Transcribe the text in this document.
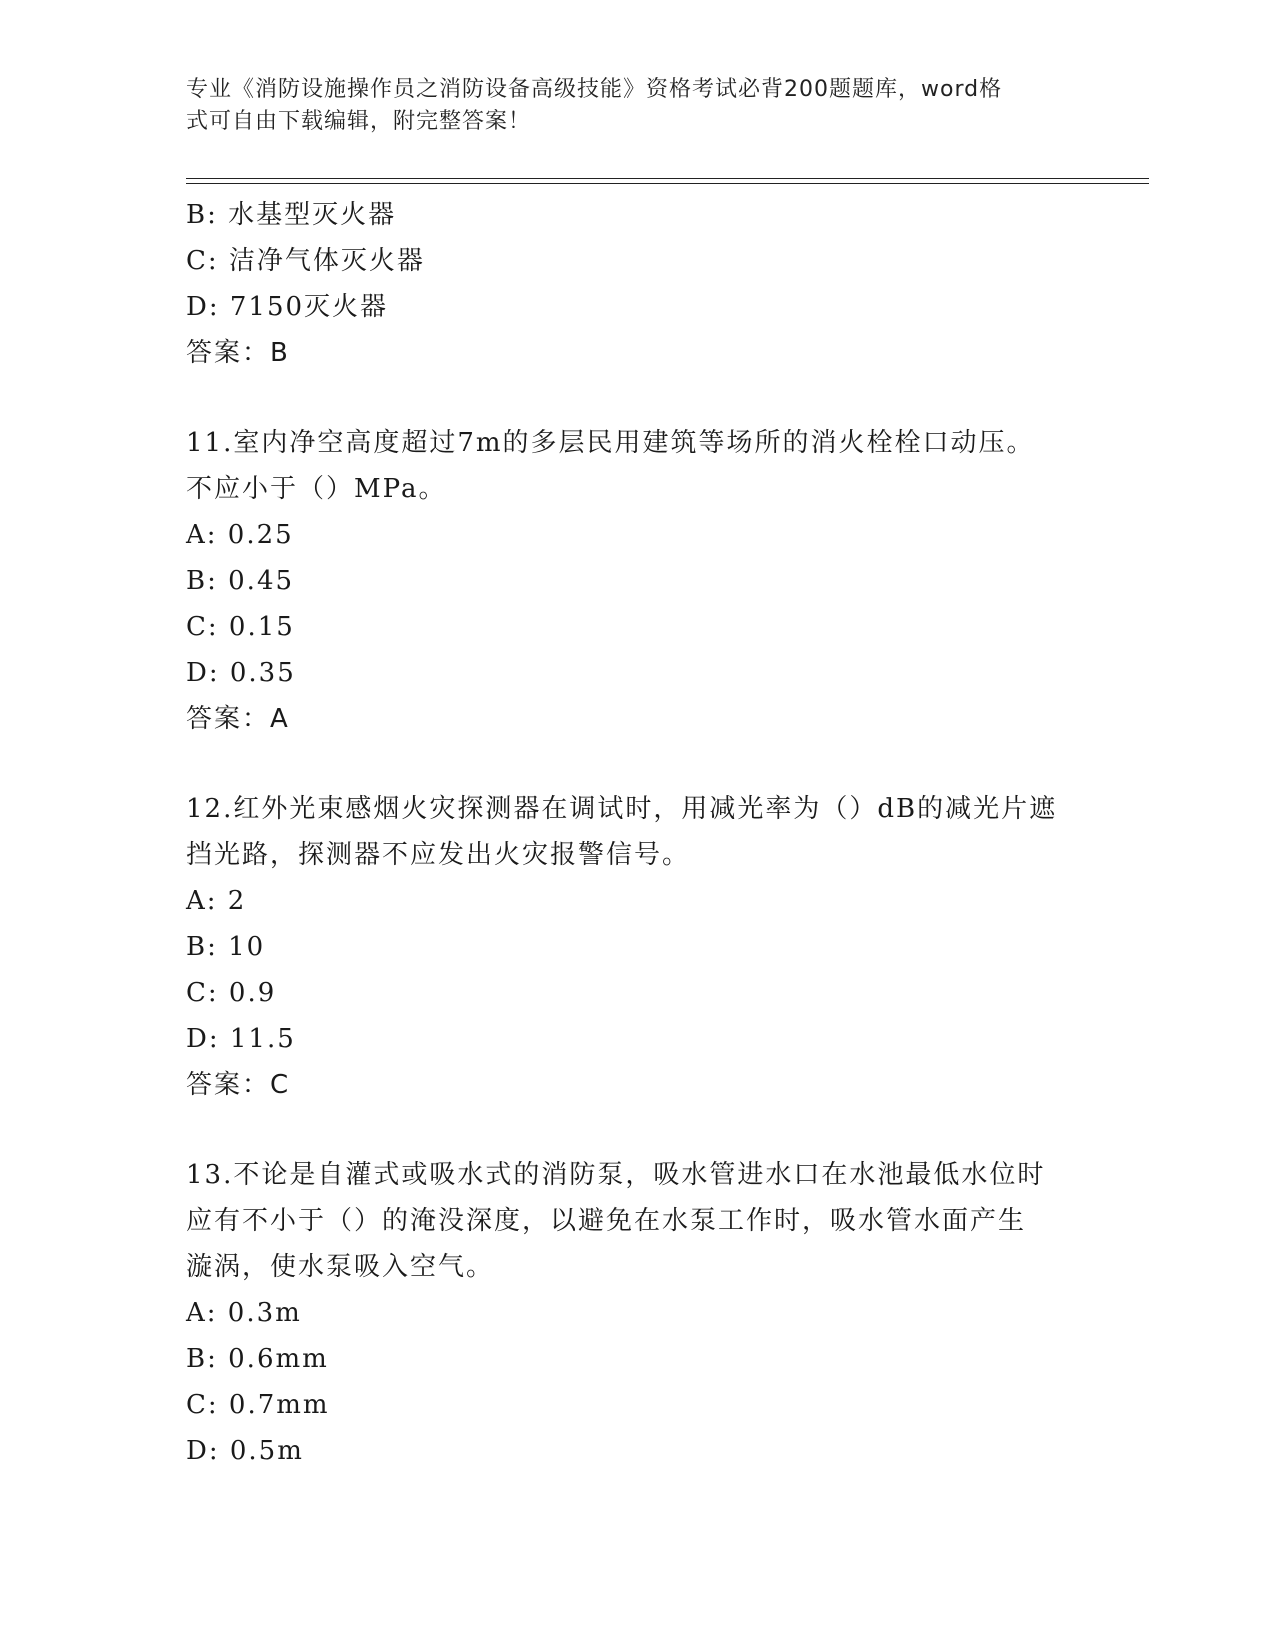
专业《消防设施操作员之消防设备高级技能》资格考试必背200题题库，word格
式可自由下载编辑，附完整答案！
B: 水基型灭火器
C: 洁净气体灭火器
D: 7150灭火器
答案：B
11.室内净空高度超过7m的多层民用建筑等场所的消火栓栓口动压。
不应小于（）MPa。
A: 0.25
B: 0.45
C: 0.15
D: 0.35
答案：A
12.红外光束感烟火灾探测器在调试时，用减光率为（）dB的减光片遮
挡光路，探测器不应发出火灾报警信号。
A: 2
B: 10
C: 0.9
D: 11.5
答案：C
13.不论是自灌式或吸水式的消防泵，吸水管进水口在水池最低水位时
应有不小于（）的淹没深度，以避免在水泵工作时，吸水管水面产生
漩涡，使水泵吸入空气。
A: 0.3m
B: 0.6mm
C: 0.7mm
D: 0.5m
